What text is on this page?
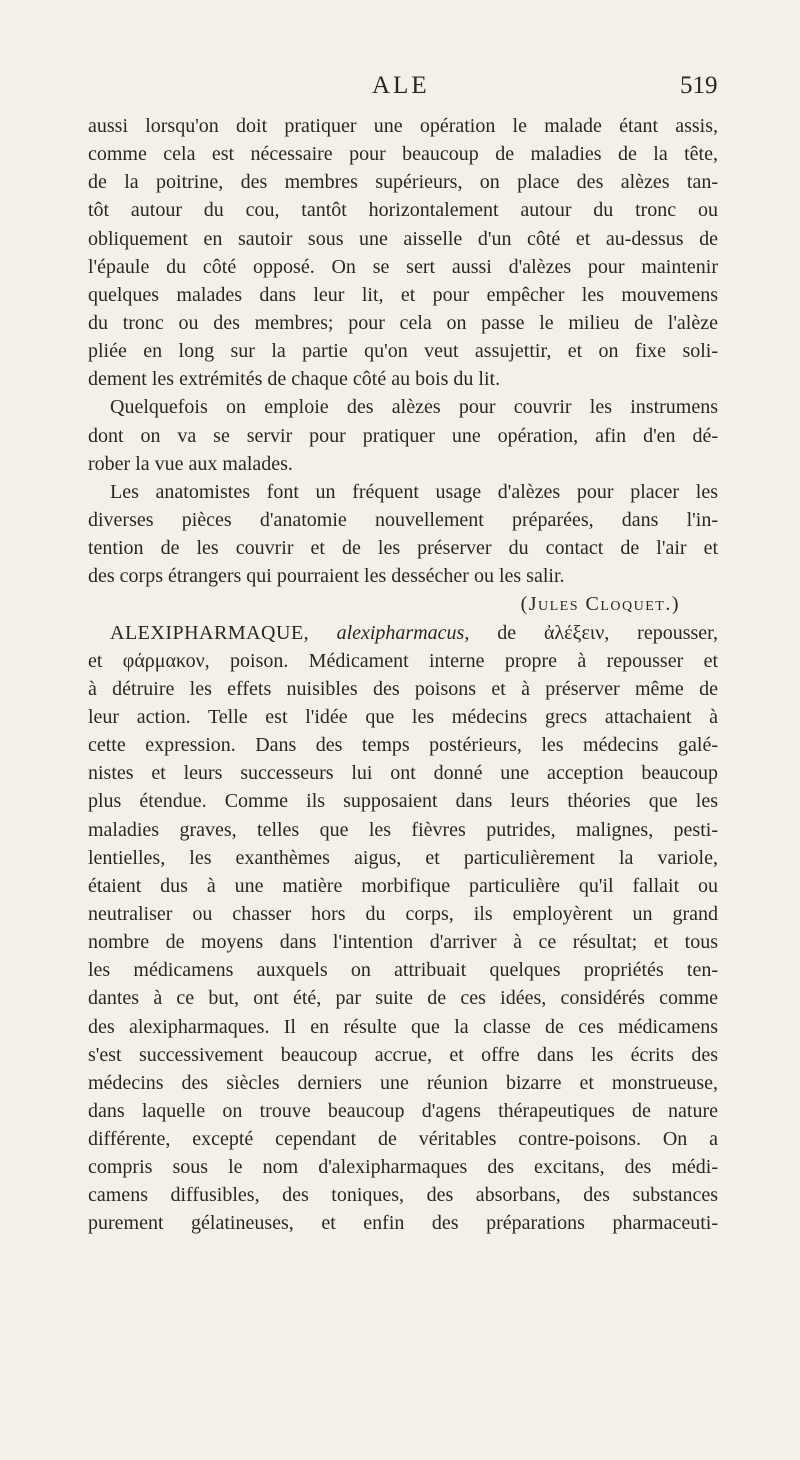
ALE	519
aussi lorsqu'on doit pratiquer une opération le malade étant assis,
comme cela est nécessaire pour beaucoup de maladies de la tête,
de la poitrine, des membres supérieurs, on place des alèzes tan-
tôt autour du cou, tantôt horizontalement autour du tronc ou
obliquement en sautoir sous une aisselle d'un côté et au-dessus de
l'épaule du côté opposé. On se sert aussi d'alèzes pour maintenir
quelques malades dans leur lit, et pour empêcher les mouvemens
du tronc ou des membres; pour cela on passe le milieu de l'alèze
pliée en long sur la partie qu'on veut assujettir, et on fixe soli-
dement les extrémités de chaque côté au bois du lit.
Quelquefois on emploie des alèzes pour couvrir les instrumens
dont on va se servir pour pratiquer une opération, afin d'en dé-
rober la vue aux malades.
Les anatomistes font un fréquent usage d'alèzes pour placer les
diverses pièces d'anatomie nouvellement préparées, dans l'in-
tention de les couvrir et de les préserver du contact de l'air et
des corps étrangers qui pourraient les dessécher ou les salir.
(Jules Cloquet.)
ALEXIPHARMAQUE, alexipharmacus, de ἀλέξειν, repousser,
et φάρμακον, poison. Médicament interne propre à repousser et
à détruire les effets nuisibles des poisons et à préserver même de
leur action. Telle est l'idée que les médecins grecs attachaient à
cette expression. Dans des temps postérieurs, les médecins galé-
nistes et leurs successeurs lui ont donné une acception beaucoup
plus étendue. Comme ils supposaient dans leurs théories que les
maladies graves, telles que les fièvres putrides, malignes, pesti-
lentielles, les exanthèmes aigus, et particulièrement la variole,
étaient dus à une matière morbifique particulière qu'il fallait ou
neutraliser ou chasser hors du corps, ils employèrent un grand
nombre de moyens dans l'intention d'arriver à ce résultat; et tous
les médicamens auxquels on attribuait quelques propriétés ten-
dantes à ce but, ont été, par suite de ces idées, considérés comme
des alexipharmaques. Il en résulte que la classe de ces médicamens
s'est successivement beaucoup accrue, et offre dans les écrits des
médecins des siècles derniers une réunion bizarre et monstrueuse,
dans laquelle on trouve beaucoup d'agens thérapeutiques de nature
différente, excepté cependant de véritables contre-poisons. On a
compris sous le nom d'alexipharmaques des excitans, des médi-
camens diffusibles, des toniques, des absorbans, des substances
purement gélatineuses, et enfin des préparations pharmaceuti-
